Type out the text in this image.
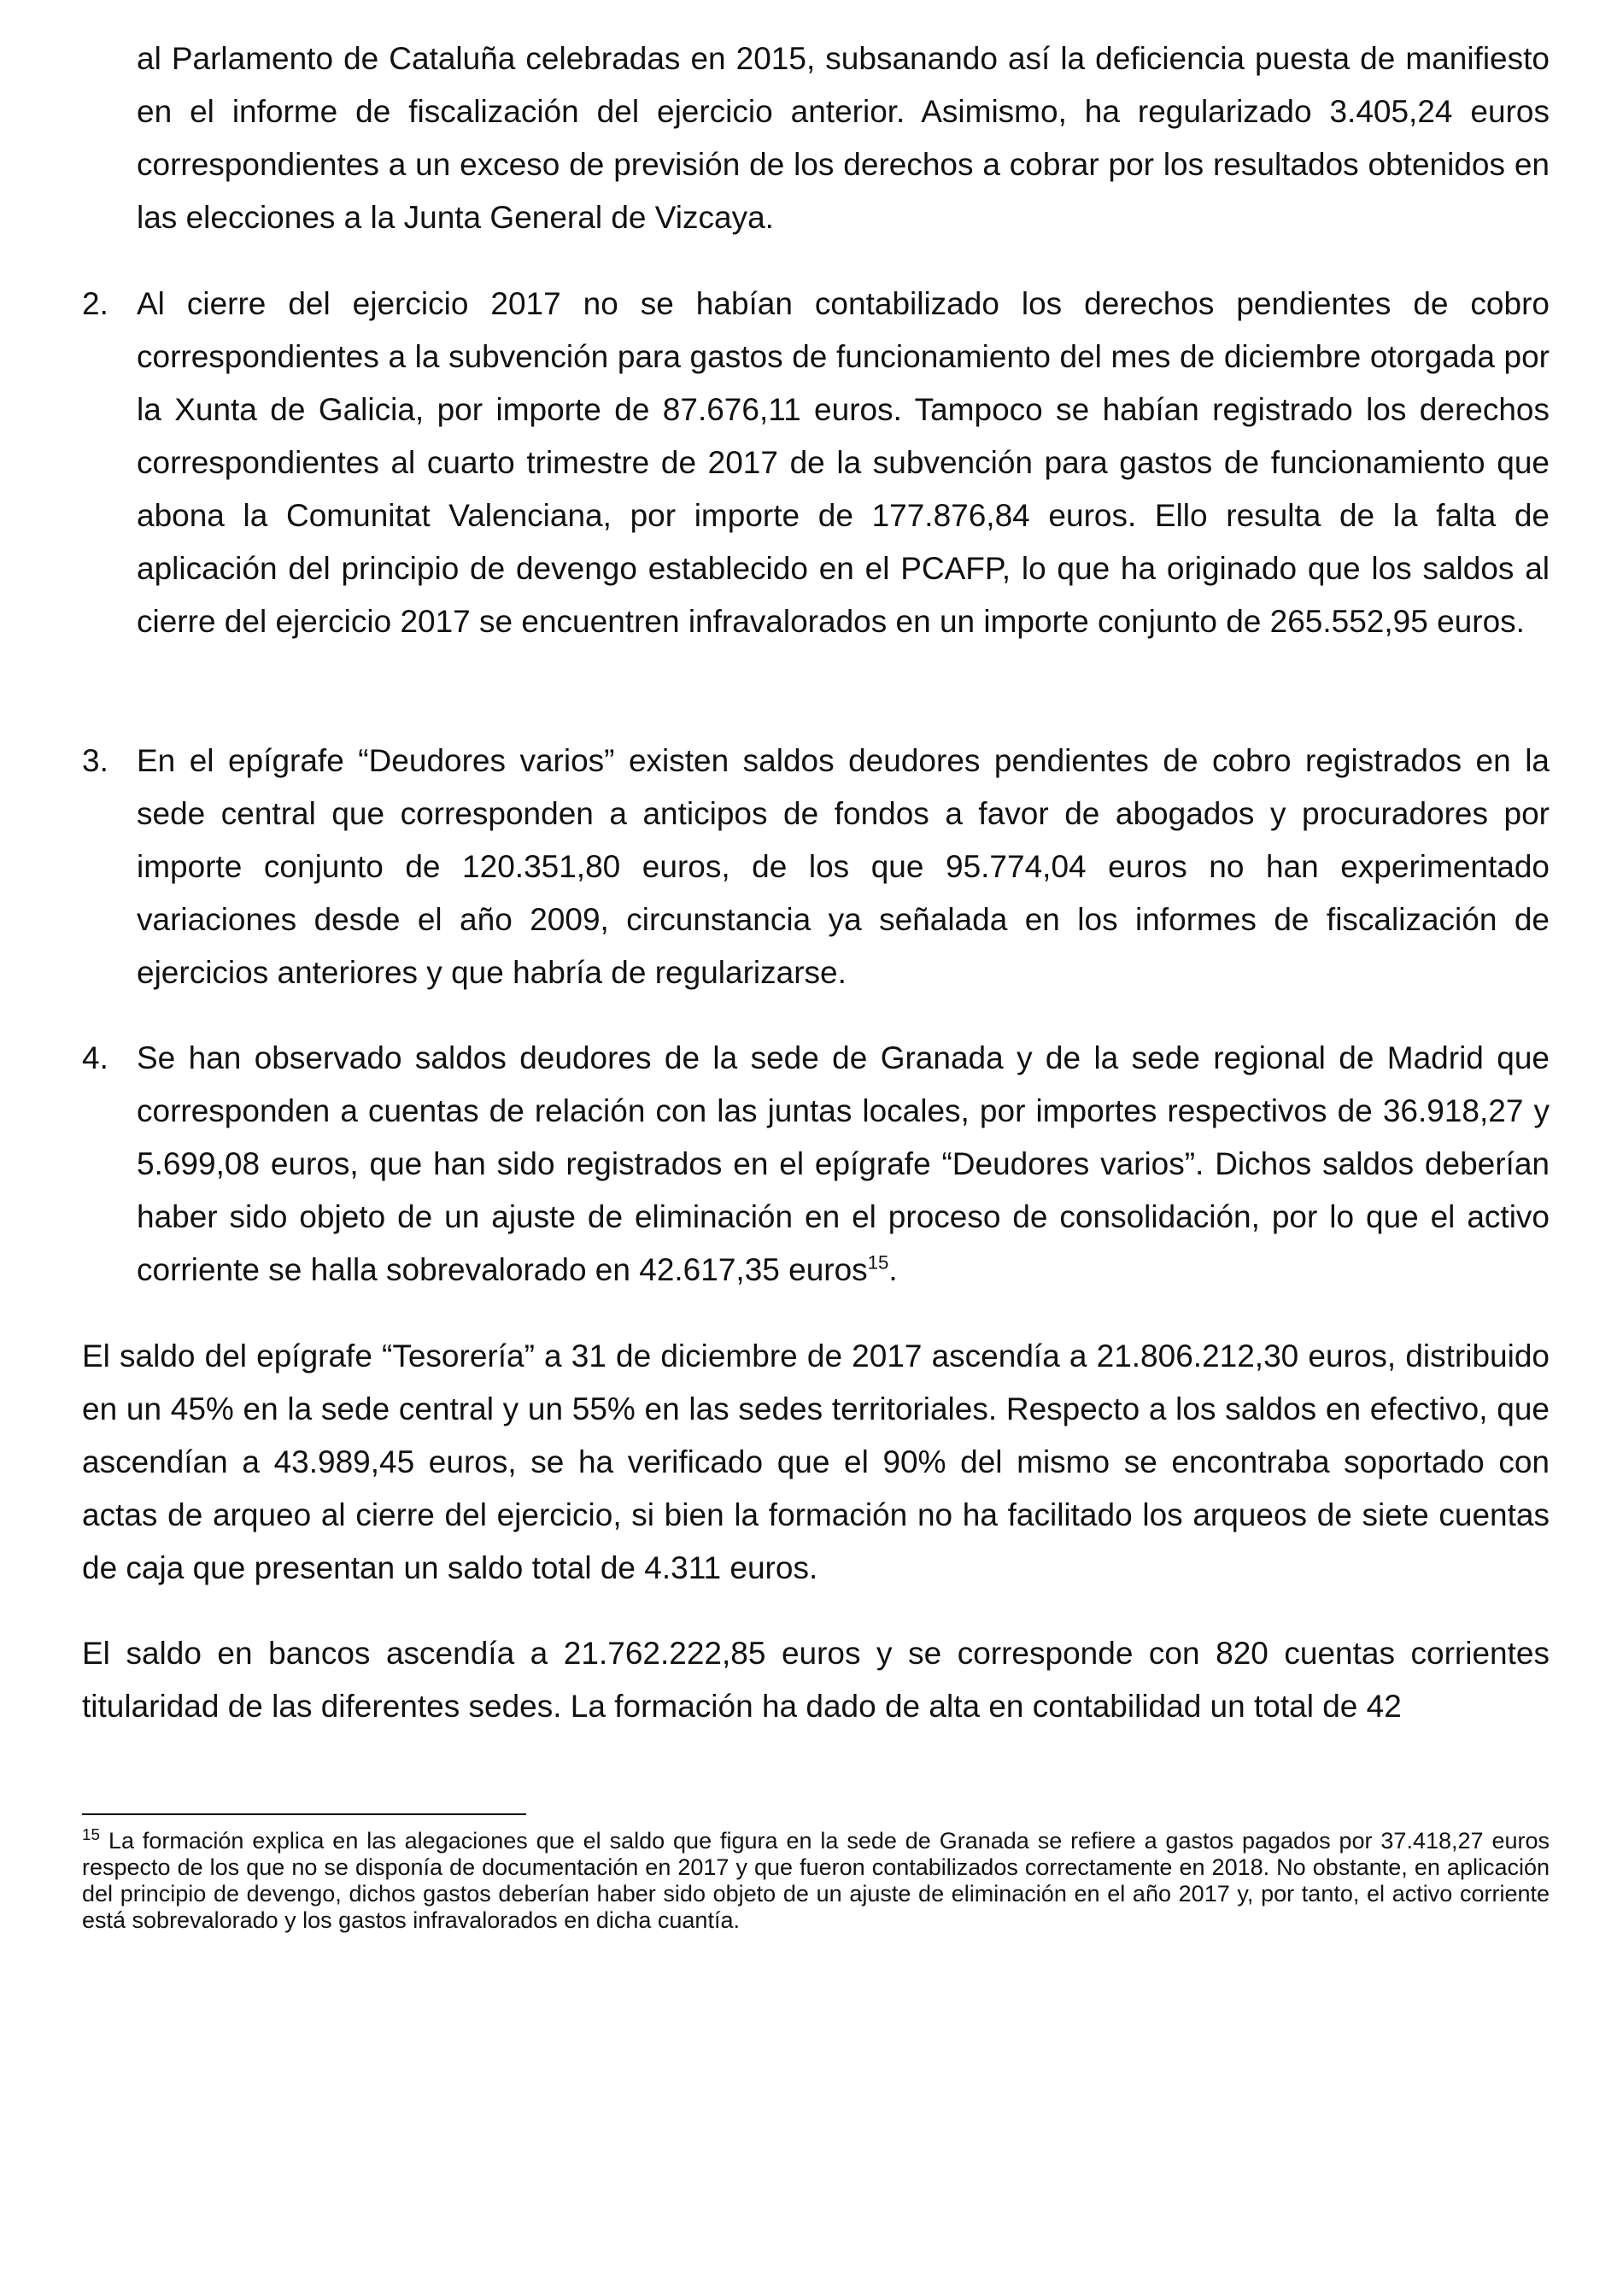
al Parlamento de Cataluña celebradas en 2015, subsanando así la deficiencia puesta de manifiesto en el informe de fiscalización del ejercicio anterior. Asimismo, ha regularizado 3.405,24 euros correspondientes a un exceso de previsión de los derechos a cobrar por los resultados obtenidos en las elecciones a la Junta General de Vizcaya.

2. Al cierre del ejercicio 2017 no se habían contabilizado los derechos pendientes de cobro correspondientes a la subvención para gastos de funcionamiento del mes de diciembre otorgada por la Xunta de Galicia, por importe de 87.676,11 euros. Tampoco se habían registrado los derechos correspondientes al cuarto trimestre de 2017 de la subvención para gastos de funcionamiento que abona la Comunitat Valenciana, por importe de 177.876,84 euros. Ello resulta de la falta de aplicación del principio de devengo establecido en el PCAFP, lo que ha originado que los saldos al cierre del ejercicio 2017 se encuentren infravalorados en un importe conjunto de 265.552,95 euros.

3. En el epígrafe “Deudores varios” existen saldos deudores pendientes de cobro registrados en la sede central que corresponden a anticipos de fondos a favor de abogados y procuradores por importe conjunto de 120.351,80 euros, de los que 95.774,04 euros no han experimentado variaciones desde el año 2009, circunstancia ya señalada en los informes de fiscalización de ejercicios anteriores y que habría de regularizarse.

4. Se han observado saldos deudores de la sede de Granada y de la sede regional de Madrid que corresponden a cuentas de relación con las juntas locales, por importes respectivos de 36.918,27 y 5.699,08 euros, que han sido registrados en el epígrafe “Deudores varios”. Dichos saldos deberían haber sido objeto de un ajuste de eliminación en el proceso de consolidación, por lo que el activo corriente se halla sobrevalorado en 42.617,35 euros$^{15}$.

El saldo del epígrafe “Tesorería” a 31 de diciembre de 2017 ascendía a 21.806.212,30 euros, distribuido en un 45% en la sede central y un 55% en las sedes territoriales. Respecto a los saldos en efectivo, que ascendían a 43.989,45 euros, se ha verificado que el 90% del mismo se encontraba soportado con actas de arqueo al cierre del ejercicio, si bien la formación no ha facilitado los arqueos de siete cuentas de caja que presentan un saldo total de 4.311 euros.

El saldo en bancos ascendía a 21.762.222,85 euros y se corresponde con 820 cuentas corrientes titularidad de las diferentes sedes. La formación ha dado de alta en contabilidad un total de 42

$^{15}$ La formación explica en las alegaciones que el saldo que figura en la sede de Granada se refiere a gastos pagados por 37.418,27 euros respecto de los que no se disponía de documentación en 2017 y que fueron contabilizados correctamente en 2018. No obstante, en aplicación del principio de devengo, dichos gastos deberían haber sido objeto de un ajuste de eliminación en el año 2017 y, por tanto, el activo corriente está sobrevalorado y los gastos infravalorados en dicha cuantía.
